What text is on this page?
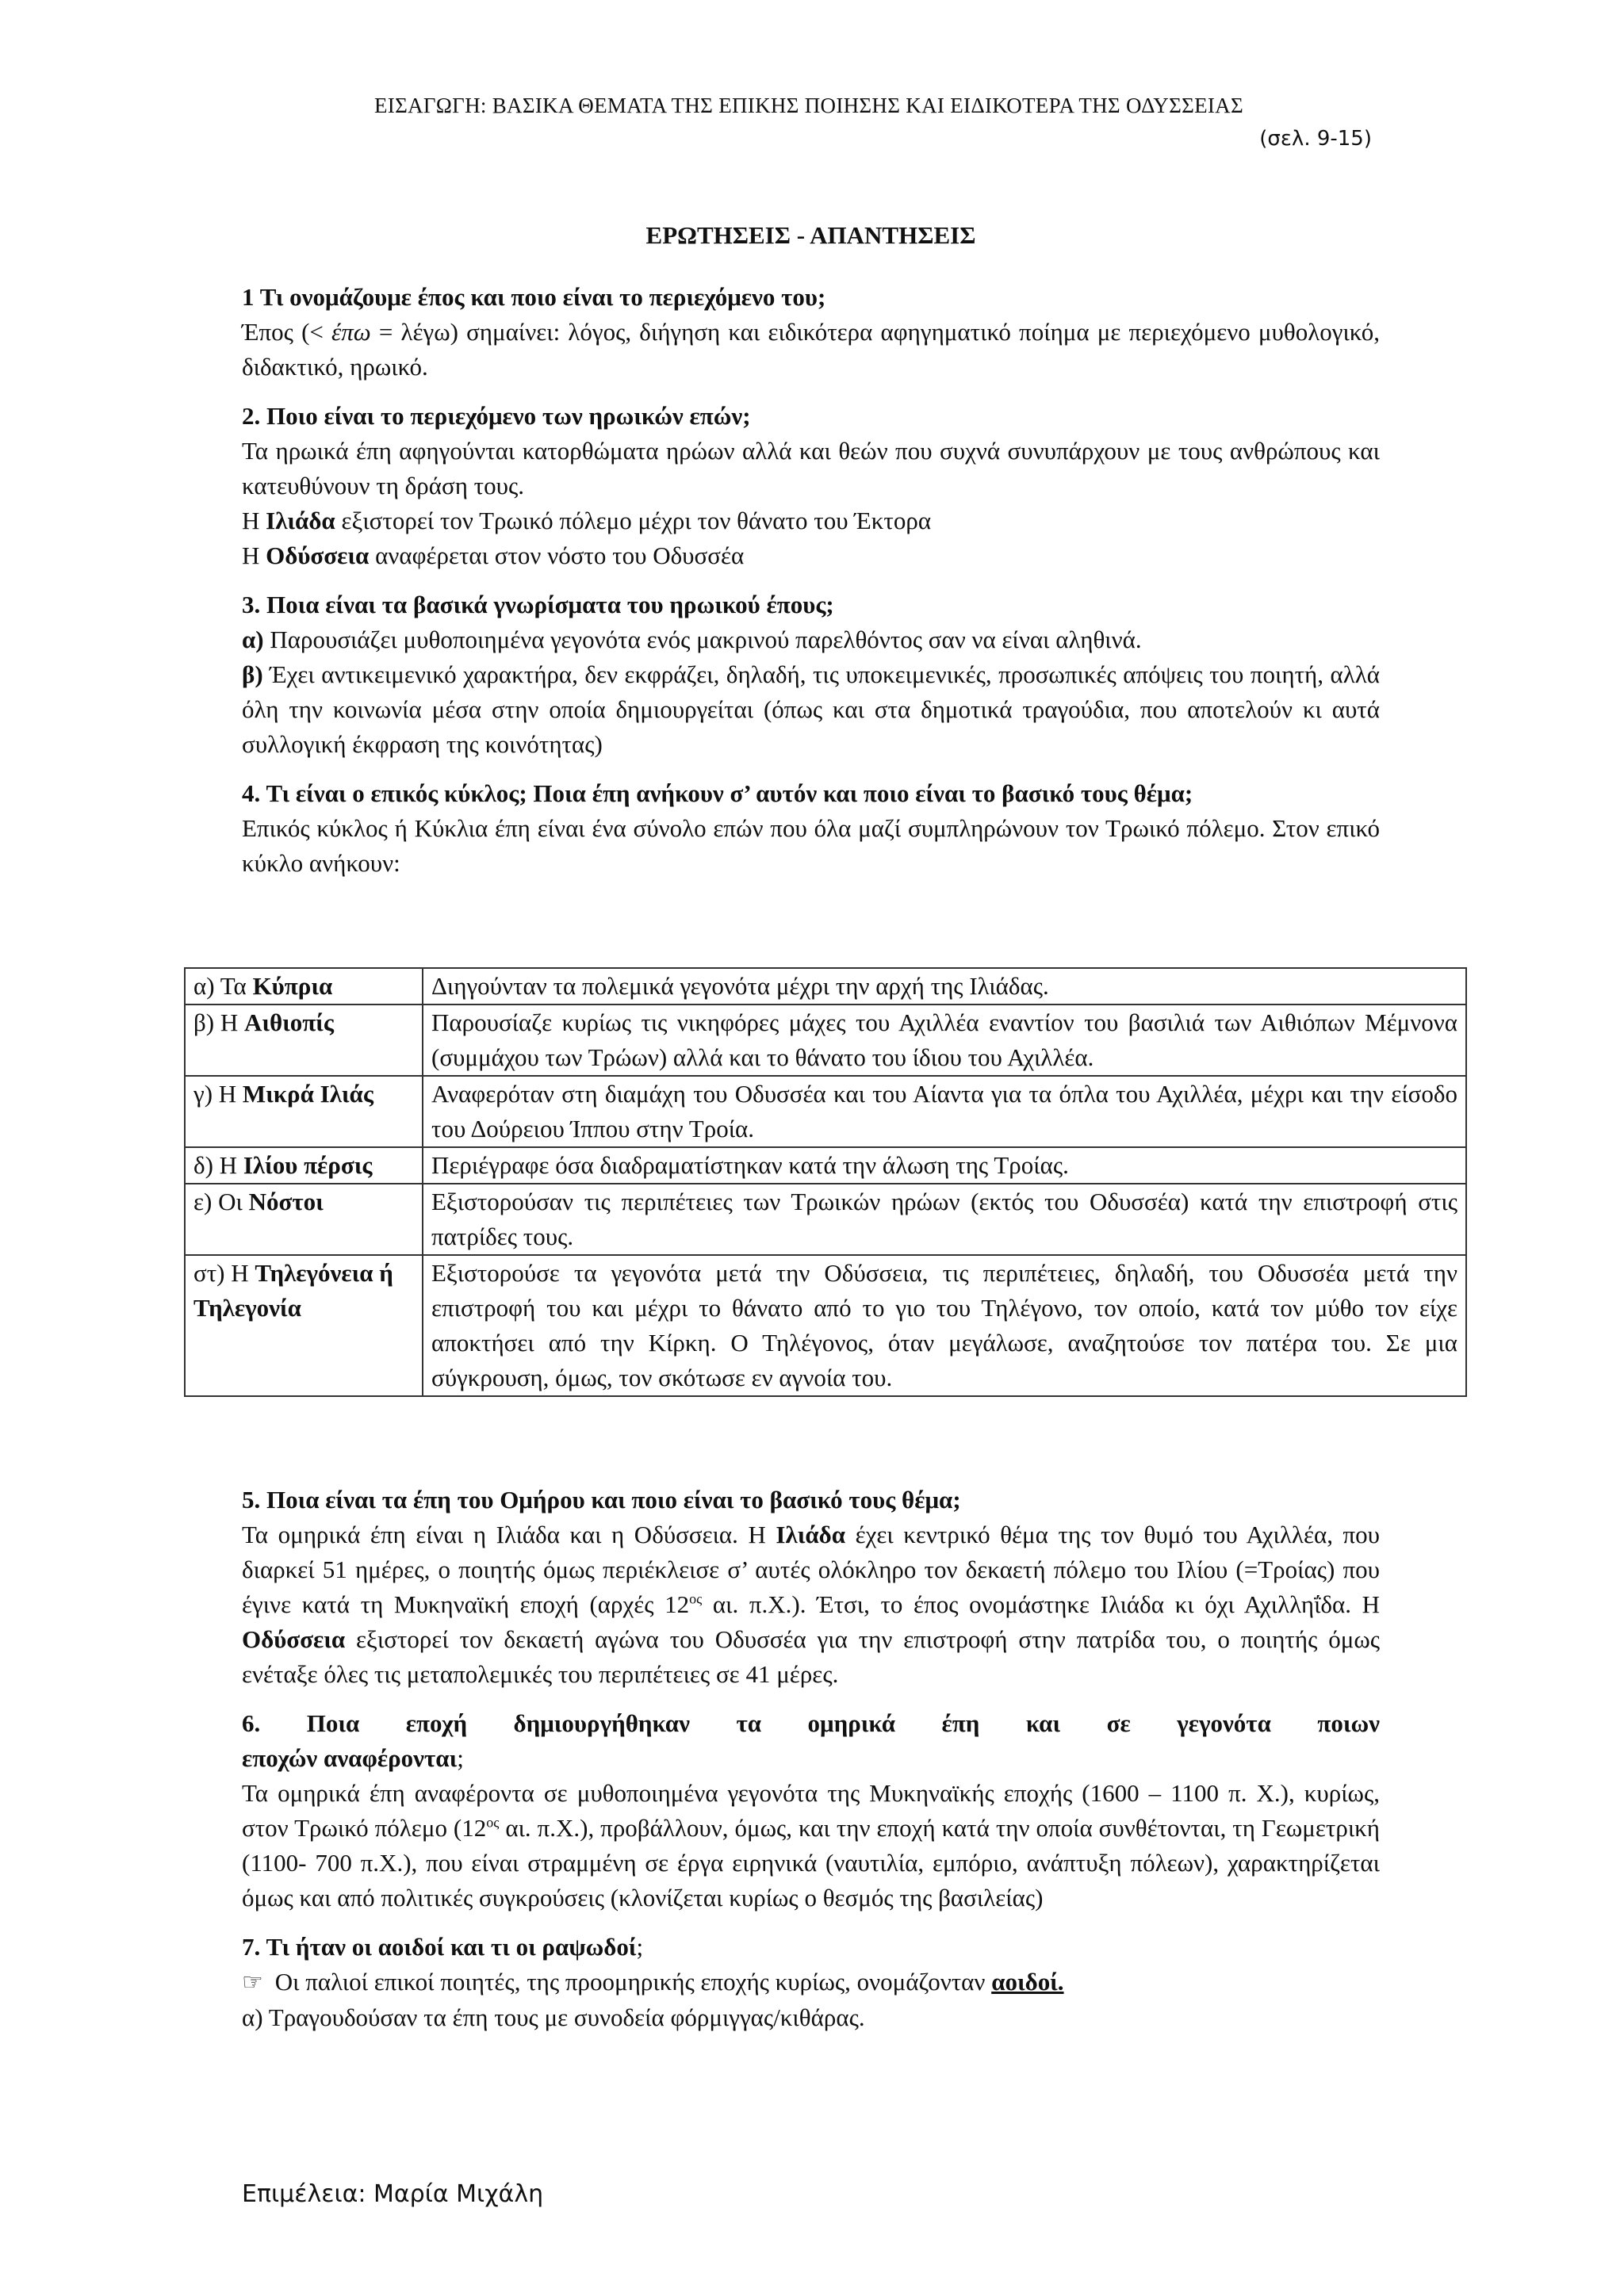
ΕΙΣΑΓΩΓΗ: ΒΑΣΙΚΑ ΘΕΜΑΤΑ ΤΗΣ ΕΠΙΚΗΣ ΠΟΙΗΣΗΣ ΚΑΙ ΕΙΔΙΚΟΤΕΡΑ ΤΗΣ ΟΔΥΣΣΕΙΑΣ
(σελ. 9-15)
ΕΡΩΤΗΣΕΙΣ - ΑΠΑΝΤΗΣΕΙΣ

1 Τι ονομάζουμε έπος και ποιο είναι το περιεχόμενο του;

Έπος (< έπω = λέγω) σημαίνει: λόγος, διήγηση και ειδικότερα αφηγηματικό ποίημα με περιεχόμενο μυθολογικό, διδακτικό, ηρωικό.

2. Ποιο είναι το περιεχόμενο των ηρωικών επών;

Τα ηρωικά έπη αφηγούνται κατορθώματα ηρώων αλλά και θεών που συχνά συνυπάρχουν με τους ανθρώπους και κατευθύνουν τη δράση τους.

Η Ιλιάδα εξιστορεί τον Τρωικό πόλεμο μέχρι τον θάνατο του Έκτορα

Η Οδύσσεια αναφέρεται στον νόστο του Οδυσσέα

3. Ποια είναι τα βασικά γνωρίσματα του ηρωικού έπους;

α) Παρουσιάζει μυθοποιημένα γεγονότα ενός μακρινού παρελθόντος σαν να είναι αληθινά.

β) Έχει αντικειμενικό χαρακτήρα, δεν εκφράζει, δηλαδή, τις υποκειμενικές, προσωπικές απόψεις του ποιητή, αλλά όλη την κοινωνία μέσα στην οποία δημιουργείται (όπως και στα δημοτικά τραγούδια, που αποτελούν κι αυτά συλλογική έκφραση της κοινότητας)

4. Τι είναι ο επικός κύκλος; Ποια έπη ανήκουν σ’ αυτόν και ποιο είναι το βασικό τους θέμα;

Επικός κύκλος ή Κύκλια έπη είναι ένα σύνολο επών που όλα μαζί συμπληρώνουν τον Τρωικό πόλεμο. Στον επικό κύκλο ανήκουν:

α) Τα Κύπρια	Διηγούνταν τα πολεμικά γεγονότα μέχρι την αρχή της Ιλιάδας.
β) Η Αιθιοπίς	Παρουσίαζε κυρίως τις νικηφόρες μάχες του Αχιλλέα εναντίον του βασιλιά των Αιθιόπων Μέμνονα (συμμάχου των Τρώων) αλλά και το θάνατο του ίδιου του Αχιλλέα.
γ) Η Μικρά Ιλιάς	Αναφερόταν στη διαμάχη του Οδυσσέα και του Αίαντα για τα όπλα του Αχιλλέα, μέχρι και την είσοδο του Δούρειου Ίππου στην Τροία.
δ) Η Ιλίου πέρσις	Περιέγραφε όσα διαδραματίστηκαν κατά την άλωση της Τροίας.
ε) Οι Νόστοι	Εξιστορούσαν τις περιπέτειες των Τρωικών ηρώων (εκτός του Οδυσσέα) κατά την επιστροφή στις πατρίδες τους.
στ) Η Τηλεγόνεια ή Τηλεγονία	Εξιστορούσε τα γεγονότα μετά την Οδύσσεια, τις περιπέτειες, δηλαδή, του Οδυσσέα μετά την επιστροφή του και μέχρι το θάνατο από το γιο του Τηλέγονο, τον οποίο, κατά τον μύθο τον είχε αποκτήσει από την Κίρκη. Ο Τηλέγονος, όταν μεγάλωσε, αναζητούσε τον πατέρα του. Σε μια σύγκρουση, όμως, τον σκότωσε εν αγνοία του.

5. Ποια είναι τα έπη του Ομήρου και ποιο είναι το βασικό τους θέμα;

Τα ομηρικά έπη είναι η Ιλιάδα και η Οδύσσεια. Η Ιλιάδα έχει κεντρικό θέμα της τον θυμό του Αχιλλέα, που διαρκεί 51 ημέρες, ο ποιητής όμως περιέκλεισε σ’ αυτές ολόκληρο τον δεκαετή πόλεμο του Ιλίου (=Τροίας) που έγινε κατά τη Μυκηναϊκή εποχή (αρχές $12^{o\varsigma}$ αι. π.Χ.). Έτσι, το έπος ονομάστηκε Ιλιάδα κι όχι Αχιλληΐδα. Η Οδύσσεια εξιστορεί τον δεκαετή αγώνα του Οδυσσέα για την επιστροφή στην πατρίδα του, ο ποιητής όμως ενέταξε όλες τις μεταπολεμικές του περιπέτειες σε 41 μέρες.

6. Ποια εποχή δημιουργήθηκαν τα ομηρικά έπη και σε γεγονότα ποιων

εποχών αναφέρονται;

Τα ομηρικά έπη αναφέροντα σε μυθοποιημένα γεγονότα της Μυκηναϊκής εποχής (1600 – 1100 π. Χ.), κυρίως, στον Τρωικό πόλεμο ($12^{o\varsigma}$ αι. π.Χ.), προβάλλουν, όμως, και την εποχή κατά την οποία συνθέτονται, τη Γεωμετρική (1100- 700 π.Χ.), που είναι στραμμένη σε έργα ειρηνικά (ναυτιλία, εμπόριο, ανάπτυξη πόλεων), χαρακτηρίζεται όμως και από πολιτικές συγκρούσεις (κλονίζεται κυρίως ο θεσμός της βασιλείας)

7. Τι ήταν οι αοιδοί και τι οι ραψωδοί;

☞ Οι παλιοί επικοί ποιητές, της προομηρικής εποχής κυρίως, ονομάζονταν αοιδοί.

α) Τραγουδούσαν τα έπη τους με συνοδεία φόρμιγγας/κιθάρας.

Επιμέλεια: Μαρία Μιχάλη
